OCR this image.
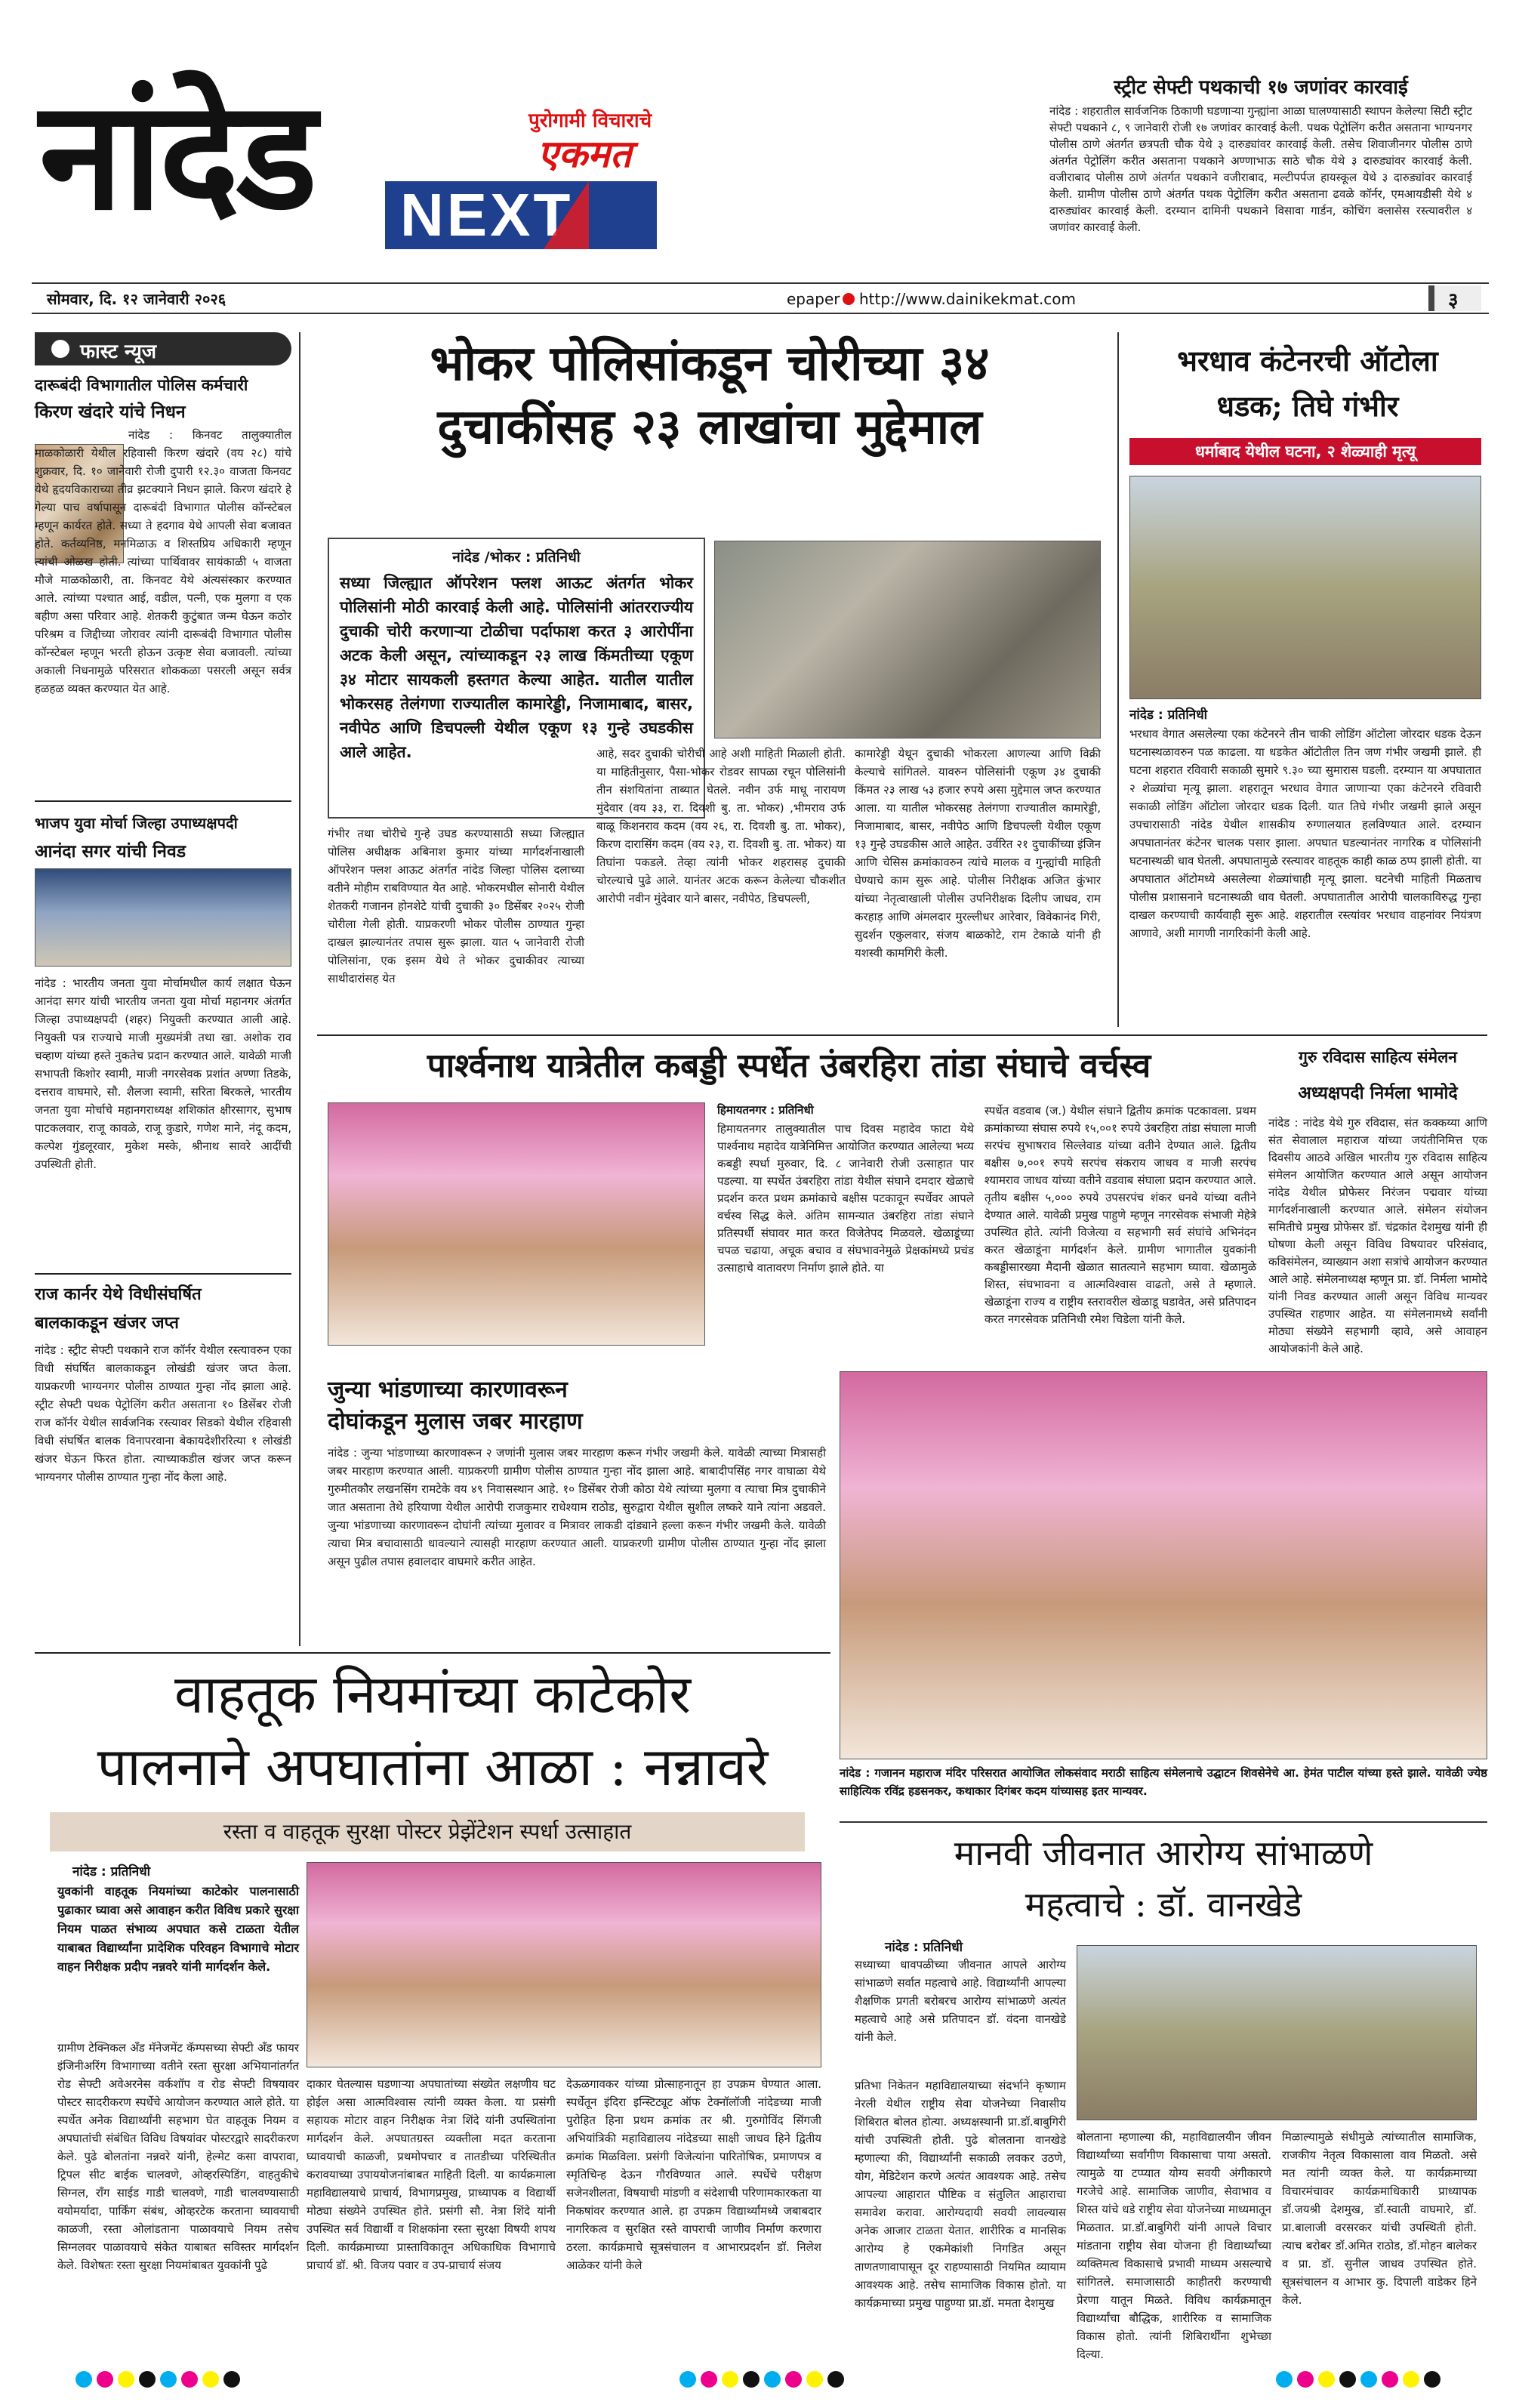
नांदेड	पुरोगामी विचाराचे
एकमत
NEXT
स्ट्रीट सेफ्टी पथकाची १७ जणांवर कारवाई
नांदेड : शहरातील सार्वजनिक ठिकाणी घडणाऱ्या गुन्ह्यांना आळा घालण्यासाठी स्थापन केलेल्या सिटी स्ट्रीट सेफ्टी पथकाने ८, ९ जानेवारी रोजी १७ जणांवर कारवाई केली. पथक पेट्रोलिंग करीत असताना भाग्यनगर पोलीस ठाणे अंतर्गत छत्रपती चौक येथे ३ दारुड्यांवर कारवाई केली. तसेच शिवाजीनगर पोलीस ठाणे अंतर्गत पेट्रोलिंग करीत असताना पथकाने अण्णाभाऊ साठे चौक येथे ३ दारुड्यांवर कारवाई केली. वजीराबाद पोलीस ठाणे अंतर्गत पथकाने वजीराबाद, मल्टीपर्पज हायस्कूल येथे ३ दारुड्यांवर कारवाई केली. ग्रामीण पोलीस ठाणे अंतर्गत पथक पेट्रोलिंग करीत असताना ढवळे कॉर्नर, एमआयडीसी येथे ४ दारुड्यांवर कारवाई केली. दरम्यान दामिनी पथकाने विसावा गार्डन, कोचिंग क्लासेस रस्त्यावरील ४ जणांवर कारवाई केली.
सोमवार, दि. १२ जानेवारी २०२६	epaper http://www.dainikekmat.com	३
फास्ट न्यूज
दारूबंदी विभागातील पोलिस कर्मचारी
किरण खंदारे यांचे निधन
नांदेड : किनवट तालुक्यातील माळकोळारी येथील रहिवासी किरण खंदारे (वय २८) यांचे शुक्रवार, दि. १० जानेवारी रोजी दुपारी १२.३० वाजता किनवट येथे हृदयविकाराच्या तीव्र झटक्याने निधन झाले. किरण खंदारे हे गेल्या पाच वर्षापासून दारूबंदी विभागात पोलीस कॉन्स्टेबल म्हणून कार्यरत होते. सध्या ते हदगाव येथे आपली सेवा बजावत होते. कर्तव्यनिष्ठ, मनमिळाऊ व शिस्तप्रिय अधिकारी म्हणून त्यांची ओळख होती. त्यांच्या पार्थिवावर सायंकाळी ५ वाजता मौजे माळकोळारी, ता. किनवट येथे अंत्यसंस्कार करण्यात आले. त्यांच्या पश्चात आई, वडील, पत्नी, एक मुलगा व एक बहीण असा परिवार आहे. शेतकरी कुटुंबात जन्म घेऊन कठोर परिश्रम व जिद्दीच्या जोरावर त्यांनी दारूबंदी विभागात पोलीस कॉन्स्टेबल म्हणून भरती होऊन उत्कृष्ट सेवा बजावली. त्यांच्या अकाली निधनामुळे परिसरात शोककळा पसरली असून सर्वत्र हळहळ व्यक्त करण्यात येत आहे.
भाजप युवा मोर्चा जिल्हा उपाध्यक्षपदी
आनंदा सगर यांची निवड
नांदेड : भारतीय जनता युवा मोर्चामधील कार्य लक्षात घेऊन आनंदा सगर यांची भारतीय जनता युवा मोर्चा महानगर अंतर्गत जिल्हा उपाध्यक्षपदी (शहर) नियुक्ती करण्यात आली आहे. नियुक्ती पत्र राज्याचे माजी मुख्यमंत्री तथा खा. अशोक राव चव्हाण यांच्या हस्ते नुकतेच प्रदान करण्यात आले. यावेळी माजी सभापती किशोर स्वामी, माजी नगरसेवक प्रशांत अण्णा तिडके, दत्तराव वाघमारे, सौ. शैलजा स्वामी, सरिता बिरकले, भारतीय जनता युवा मोर्चाचे महानगराध्यक्ष शशिकांत क्षीरसागर, सुभाष पाटकलवार, राजू कावळे, राजू कुडारे, गणेश माने, नंदू कदम, कल्पेश गुंडलूरवार, मुकेश मस्के, श्रीनाथ सावरे आदींची उपस्थिती होती.
राज कार्नर येथे विधीसंघर्षित
बालकाकडून खंजर जप्त
नांदेड : स्ट्रीट सेफ्टी पथकाने राज कॉर्नर येथील रस्त्यावरुन एका विधी संघर्षित बालकाकडून लोखंडी खंजर जप्त केला. याप्रकरणी भाग्यनगर पोलीस ठाण्यात गुन्हा नोंद झाला आहे. स्ट्रीट सेफ्टी पथक पेट्रोलिंग करीत असताना १० डिसेंबर रोजी राज कॉर्नर येथील सार्वजनिक रस्त्यावर सिडको येथील रहिवासी विधी संघर्षित बालक विनापरवाना बेकायदेशीररित्या १ लोखंडी खंजर घेऊन फिरत होता. त्याच्याकडील खंजर जप्त करून भाग्यनगर पोलीस ठाण्यात गुन्हा नोंद केला आहे.
भोकर पोलिसांकडून चोरीच्या ३४
दुचाकींसह २३ लाखांचा मुद्देमाल
नांदेड /भोकर : प्रतिनिधी
सध्या जिल्ह्यात ऑपरेशन फ्लश आऊट अंतर्गत भोकर पोलिसांनी मोठी कारवाई केली आहे. पोलिसांनी आंतरराज्यीय दुचाकी चोरी करणाऱ्या टोळीचा पर्दाफाश करत ३ आरोपींना अटक केली असून, त्यांच्याकडून २३ लाख किंमतीच्या एकूण ३४ मोटार सायकली हस्तगत केल्या आहेत. यातील यातील भोकरसह तेलंगणा राज्यातील कामारेड्डी, निजामाबाद, बासर, नवीपेठ आणि डिचपल्ली येथील एकूण १३ गुन्हे उघडकीस आले आहेत.
गंभीर तथा चोरीचे गुन्हे उघड करण्यासाठी सध्या जिल्ह्यात पोलिस अधीक्षक अबिनाश कुमार यांच्या मार्गदर्शनाखाली ऑपरेशन फ्लश आऊट अंतर्गत नांदेड जिल्हा पोलिस दलाच्या वतीने मोहीम राबविण्यात येत आहे. भोकरमधील सोनारी येथील शेतकरी गजानन होनशेटे यांची दुचाकी ३० डिसेंबर २०२५ रोजी चोरीला गेली होती. याप्रकरणी भोकर पोलीस ठाण्यात गुन्हा दाखल झाल्यानंतर तपास सुरू झाला. यात ५ जानेवारी रोजी पोलिसांना, एक इसम येथे ते भोकर दुचाकीवर त्याच्या साथीदारांसह येत
आहे, सदर दुचाकी चोरीची आहे अशी माहिती मिळाली होती. या माहितीनुसार, पैसा-भोकर रोडवर सापळा रचून पोलिसांनी तीन संशयितांना ताब्यात घेतले. नवीन उर्फ माधू नारायण मुंदेवार (वय ३३, रा. दिवशी बु. ता. भोकर) ,भीमराव उर्फ बाळू किशनराव कदम (वय २६, रा. दिवशी बु. ता. भोकर), किरण दारासिंग कदम (वय २३, रा. दिवशी बु. ता. भोकर) या तिघांना पकडले. तेव्हा त्यांनी भोकर शहरासह दुचाकी चोरल्याचे पुढे आले. यानंतर अटक करून केलेल्या चौकशीत आरोपी नवीन मुंदेवार याने बासर, नवीपेठ, डिचपल्ली,
कामारेड्डी येथून दुचाकी भोकरला आणल्या आणि विक्री केल्याचे सांगितले. यावरुन पोलिसांनी एकूण ३४ दुचाकी किंमत २३ लाख ५३ हजार रुपये असा मुद्देमाल जप्त करण्यात आला. या यातील भोकरसह तेलंगणा राज्यातील कामारेड्डी, निजामाबाद, बासर, नवीपेठ आणि डिचपल्ली येथील एकूण १३ गुन्हे उघडकीस आले आहेत. उर्वरित २१ दुचाकींच्या इंजिन आणि चेसिस क्रमांकावरुन त्यांचे मालक व गुन्ह्यांची माहिती घेण्याचे काम सुरू आहे. पोलीस निरीक्षक अजित कुंभार यांच्या नेतृत्वाखाली पोलीस उपनिरीक्षक दिलीप जाधव, राम करहाड़ आणि अंमलदार मुरल्लीधर आरेवार, विवेकानंद गिरी, सुदर्शन एकुलवार, संजय बाळकोटे, राम टेकाळे यांनी ही यशस्वी कामगिरी केली.
भरधाव कंटेनरची ऑटोला
धडक; तिघे गंभीर
धर्माबाद येथील घटना, २ शेळ्याही मृत्यू
नांदेड : प्रतिनिधी
भरधाव वेगात असलेल्या एका कंटेनरने तीन चाकी लोडिंग ऑटोला जोरदार धडक देऊन घटनास्थळावरुन पळ काढला. या धडकेत ऑटोतील तिन जण गंभीर जखमी झाले. ही घटना शहरात रविवारी सकाळी सुमारे ९.३० च्या सुमारास घडली. दरम्यान या अपघातात २ शेळ्यांचा मृत्यू झाला. शहरातून भरधाव वेगात जाणाऱ्या एका कंटेनरने रविवारी सकाळी लोडिंग ऑटोला जोरदार धडक दिली. यात तिघे गंभीर जखमी झाले असून उपचारासाठी नांदेड येथील शासकीय रुग्णालयात हलविण्यात आले. दरम्यान अपघातानंतर कंटेनर चालक पसार झाला. अपघात घडल्यानंतर नागरिक व पोलिसांनी घटनास्थळी धाव घेतली. अपघातामुळे रस्त्यावर वाहतूक काही काळ ठप्प झाली होती. या अपघातात ऑटोमध्ये असलेल्या शेळ्यांचाही मृत्यू झाला. घटनेची माहिती मिळताच पोलीस प्रशासनाने घटनास्थळी धाव घेतली. अपघातातील आरोपी चालकाविरुद्ध गुन्हा दाखल करण्याची कार्यवाही सुरू आहे. शहरातील रस्त्यांवर भरधाव वाहनांवर नियंत्रण आणावे, अशी मागणी नागरिकांनी केली आहे.
पार्श्वनाथ यात्रेतील कबड्डी स्पर्धेत उंबरहिरा तांडा संघाचे वर्चस्व
हिमायतनगर : प्रतिनिधी
हिमायतनगर तालुक्यातील पाच दिवस महादेव फाटा येथे पार्श्वनाथ महादेव यात्रेनिमित्त आयोजित करण्यात आलेल्या भव्य कबड्डी स्पर्धा मुरुवार, दि. ८ जानेवारी रोजी उत्साहात पार पडल्या. या स्पर्धेत उंबरहिरा तांडा येथील संघाने दमदार खेळाचे प्रदर्शन करत प्रथम क्रमांकाचे बक्षीस पटकावून स्पर्धेवर आपले वर्चस्व सिद्ध केले. अंतिम सामन्यात उंबरहिरा तांडा संघाने प्रतिस्पर्धी संघावर मात करत विजेतेपद मिळवले. खेळाडूंच्या चपळ चढाया, अचूक बचाव व संघभावनेमुळे प्रेक्षकांमध्ये प्रचंड उत्साहाचे वातावरण निर्माण झाले होते. या
स्पर्धेत वडवाब (ज.) येथील संघाने द्वितीय क्रमांक पटकावला. प्रथम क्रमांकाच्या संघास रुपये १५,००१ रुपये उंबरहिरा तांडा संघाला माजी सरपंच सुभाषराव सिल्लेवाड यांच्या वतीने देण्यात आले. द्वितीय बक्षीस ७,००१ रुपये सरपंच संकराय जाधव व माजी सरपंच श्यामराव जाधव यांच्या वतीने वडवाब संघाला प्रदान करण्यात आले. तृतीय बक्षीस ५,००० रुपये उपसरपंच शंकर धनवे यांच्या वतीने देण्यात आले. यावेळी प्रमुख पाहुणे म्हणून नगरसेवक संभाजी मेहेत्रे उपस्थित होते. त्यांनी विजेत्या व सहभागी सर्व संघांचे अभिनंदन करत खेळाडूंना मार्गदर्शन केले. ग्रामीण भागातील युवकांनी कबड्डीसारख्या मैदानी खेळात सातत्याने सहभाग घ्यावा. खेळामुळे शिस्त, संघभावना व आत्मविश्वास वाढतो, असे ते म्हणाले. खेळाडूंना राज्य व राष्ट्रीय स्तरावरील खेळाडू घडावेत, असे प्रतिपादन करत नगरसेवक प्रतिनिधी रमेश चिडेला यांनी केले.
गुरु रविदास साहित्य संमेलन
अध्यक्षपदी निर्मला भामोदे
नांदेड : नांदेड येथे गुरु रविदास, संत कक्कय्या आणि संत सेवालाल महाराज यांच्या जयंतीनिमित्त एक दिवसीय आठवे अखिल भारतीय गुरु रविदास साहित्य संमेलन आयोजित करण्यात आले असून आयोजन नांदेड येथील प्रोफेसर निरंजन पद्मवार यांच्या मार्गदर्शनाखाली करण्यात आले. संमेलन संयोजन समितीचे प्रमुख प्रोफेसर डॉ. चंद्रकांत देशमुख यांनी ही घोषणा केली असून विविध विषयावर परिसंवाद, कविसंमेलन, व्याख्यान अशा सत्रांचे आयोजन करण्यात आले आहे. संमेलनाध्यक्ष म्हणून प्रा. डॉ. निर्मला भामोदे यांनी निवड करण्यात आली असून विविध मान्यवर उपस्थित राहणार आहेत. या संमेलनामध्ये सर्वांनी मोठ्या संख्येने सहभागी व्हावे, असे आवाहन आयोजकांनी केले आहे.
जुन्या भांडणाच्या कारणावरून
दोघांकडून मुलास जबर मारहाण
नांदेड : जुन्या भांडणाच्या कारणावरून २ जणांनी मुलास जबर मारहाण करून गंभीर जखमी केले. यावेळी त्याच्या मित्रासही जबर मारहाण करण्यात आली. याप्रकरणी ग्रामीण पोलीस ठाण्यात गुन्हा नोंद झाला आहे. बाबादीपसिंह नगर वाघाळा येथे गुरुमीतकौर लखनसिंग रामटेके वय ४९ निवासस्थान आहे. १० डिसेंबर रोजी कोठा येथे त्यांच्या मुलगा व त्याचा मित्र दुचाकीने जात असताना तेथे हरियाणा येथील आरोपी राजकुमार राधेश्याम राठोड, सुरुद्वारा येथील सुशील लष्करे याने त्यांना अडवले. जुन्या भांडणाच्या कारणावरून दोघांनी त्यांच्या मुलावर व मित्रावर लाकडी दांड्याने हल्ला करून गंभीर जखमी केले. यावेळी त्याचा मित्र बचावासाठी धावल्याने त्यासही मारहाण करण्यात आली. याप्रकरणी ग्रामीण पोलीस ठाण्यात गुन्हा नोंद झाला असून पुढील तपास हवालदार वाघमारे करीत आहेत.
नांदेड : गजानन महाराज मंदिर परिसरात आयोजित लोकसंवाद मराठी साहित्य संमेलनाचे उद्घाटन शिवसेनेचे आ. हेमंत पाटील यांच्या हस्ते झाले. यावेळी ज्येष्ठ साहित्यिक रविंद्र हडसनकर, कथाकार दिगंबर कदम यांच्यासह इतर मान्यवर.
वाहतूक नियमांच्या काटेकोर
पालनाने अपघातांना आळा : नन्नावरे
रस्ता व वाहतूक सुरक्षा पोस्टर प्रेझेंटेशन स्पर्धा उत्साहात
नांदेड : प्रतिनिधी
युवकांनी वाहतूक नियमांच्या काटेकोर पालनासाठी पुढाकार घ्यावा असे आवाहन करीत विविध प्रकारे सुरक्षा नियम पाळत संभाव्य अपघात कसे टाळता येतील याबाबत विद्यार्थ्यांना प्रादेशिक परिवहन विभागाचे मोटार वाहन निरीक्षक प्रदीप नन्नवरे यांनी मार्गदर्शन केले.
ग्रामीण टेक्निकल अँड मॅनेजमेंट कॅम्पसच्या सेफ्टी अँड फायर इंजिनीअरिंग विभागाच्या वतीने रस्ता सुरक्षा अभियानांतर्गत रोड सेफ्टी अवेअरनेस वर्कशॉप व रोड सेफ्टी विषयावर पोस्टर सादरीकरण स्पर्धेचे आयोजन करण्यात आले होते. या स्पर्धेत अनेक विद्यार्थ्यांनी सहभाग घेत वाहतूक नियम व अपघातांची संबंधित विविध विषयांवर पोस्टरद्वारे सादरीकरण केले. पुढे बोलतांना नन्नवरे यांनी, हेल्मेट कसा वापरावा, ट्रिपल सीट बाईक चालवणे, ओव्हरस्पिडिंग, वाहतुकीचे सिग्नल, रॉंग साईड गाडी चालवणे, गाडी चालवण्यासाठी वयोमर्यादा, पार्किंग संबंध, ओव्हरटेक करताना घ्यावयाची काळजी, रस्ता ओलांडताना पाळावयाचे नियम तसेच सिग्नलवर पाळावयाचे संकेत याबाबत सविस्तर मार्गदर्शन केले. विशेषतः रस्ता सुरक्षा नियमांबाबत युवकांनी पुढे
दाकार घेतल्यास घडणाऱ्या अपघातांच्या संख्येत लक्षणीय घट होईल असा आत्मविश्वास त्यांनी व्यक्त केला. या प्रसंगी सहायक मोटार वाहन निरीक्षक नेत्रा शिंदे यांनी उपस्थितांना मार्गदर्शन केले. अपघातग्रस्त व्यक्तीला मदत करताना घ्यावयाची काळजी, प्रथमोपचार व तातडीच्या परिस्थितीत करावयाच्या उपाययोजनांबाबत माहिती दिली. या कार्यक्रमाला महाविद्यालयाचे प्राचार्य, विभागप्रमुख, प्राध्यापक व विद्यार्थी मोठ्या संख्येने उपस्थित होते. प्रसंगी सौ. नेत्रा शिंदे यांनी उपस्थित सर्व विद्यार्थी व शिक्षकांना रस्ता सुरक्षा विषयी शपथ दिली. कार्यक्रमाच्या प्रास्ताविकातून अधिकाधिक विभागाचे प्राचार्य डॉ. श्री. विजय पवार व उप-प्राचार्य संजय
देऊळगावकर यांच्या प्रोत्साहनातून हा उपक्रम घेण्यात आला. स्पर्धेतून इंदिरा इन्स्टिट्यूट ऑफ टेक्नॉलॉजी नांदेडच्या माजी पुरोहित हिना प्रथम क्रमांक तर श्री. गुरुगोविंद सिंगजी अभियांत्रिकी महाविद्यालय नांदेडच्या साक्षी जाधव हिने द्वितीय क्रमांक मिळविला. प्रसंगी विजेत्यांना पारितोषिक, प्रमाणपत्र व स्मृतिचिन्ह देऊन गौरविण्यात आले. स्पर्धेचे परीक्षण सजेनशीलता, विषयाची मांडणी व संदेशाची परिणामकारकता या निकषांवर करण्यात आले. हा उपक्रम विद्यार्थ्यांमध्ये जबाबदार नागरिकत्व व सुरक्षित रस्ते वापराची जाणीव निर्माण करणारा ठरला. कार्यक्रमाचे सूत्रसंचालन व आभारप्रदर्शन डॉ. निलेश आळेकर यांनी केले
मानवी जीवनात आरोग्य सांभाळणे
महत्वाचे : डॉ. वानखेडे
नांदेड : प्रतिनिधी
सध्याच्या धावपळीच्या जीवनात आपले आरोग्य सांभाळणे सर्वात महत्वाचे आहे. विद्यार्थ्यांनी आपल्या शैक्षणिक प्रगती बरोबरच आरोग्य सांभाळणे अत्यंत महत्वाचे आहे असे प्रतिपादन डॉ. वंदना वानखेडे यांनी केले.
प्रतिभा निकेतन महाविद्यालयाच्या संदर्भाने कृष्णाम नेरली येथील राष्ट्रीय सेवा योजनेच्या निवासीय शिबिरात बोलत होत्या. अध्यक्षस्थानी प्रा.डॉ.बाबुगिरी यांची उपस्थिती होती. पुढे बोलताना वानखेडे म्हणाल्या की, विद्यार्थ्यांनी सकाळी लवकर उठणे, योग, मेडिटेशन करणे अत्यंत आवश्यक आहे. तसेच आपल्या आहारात पौष्टिक व संतुलित आहाराचा समावेश करावा. आरोग्यदायी सवयी लावल्यास अनेक आजार टाळता येतात. शारीरिक व मानसिक आरोग्य हे एकमेकांशी निगडित असून ताणतणावापासून दूर राहण्यासाठी नियमित व्यायाम आवश्यक आहे. तसेच सामाजिक विकास होतो. या कार्यक्रमाच्या प्रमुख पाहुण्या प्रा.डॉ. ममता देशमुख
बोलताना म्हणाल्या की, महाविद्यालयीन जीवन विद्यार्थ्यांच्या सर्वांगीण विकासाचा पाया असतो. त्यामुळे या टप्प्यात योग्य सवयी अंगीकारणे गरजेचे आहे. सामाजिक जाणीव, सेवाभाव व शिस्त यांचे धडे राष्ट्रीय सेवा योजनेच्या माध्यमातून मिळतात. प्रा.डॉ.बाबुगिरी यांनी आपले विचार मांडताना राष्ट्रीय सेवा योजना ही विद्यार्थ्यांच्या व्यक्तिमत्व विकासाचे प्रभावी माध्यम असल्याचे सांगितले. समाजासाठी काहीतरी करण्याची प्रेरणा यातून मिळते. विविध कार्यक्रमातून विद्यार्थ्यांचा बौद्धिक, शारीरिक व सामाजिक विकास होतो. त्यांनी शिबिरार्थींना शुभेच्छा दिल्या.
मिळाल्यामुळे संधीमुळे त्यांच्यातील सामाजिक, राजकीय नेतृत्व विकासाला वाव मिळतो. असे मत त्यांनी व्यक्त केले. या कार्यक्रमाच्या विचारमंचावर कार्यक्रमाधिकारी प्राध्यापक डॉ.जयश्री देशमुख, डॉ.स्वाती वाघमारे, डॉ. प्रा.बालाजी वरसरकर यांची उपस्थिती होती. त्याच बरोबर डॉ.अमित राठोड, डॉ.मोहन बालेकर व प्रा. डॉ. सुनील जाधव उपस्थित होते. सूत्रसंचालन व आभार कु. दिपाली वाडेकर हिने केले.
